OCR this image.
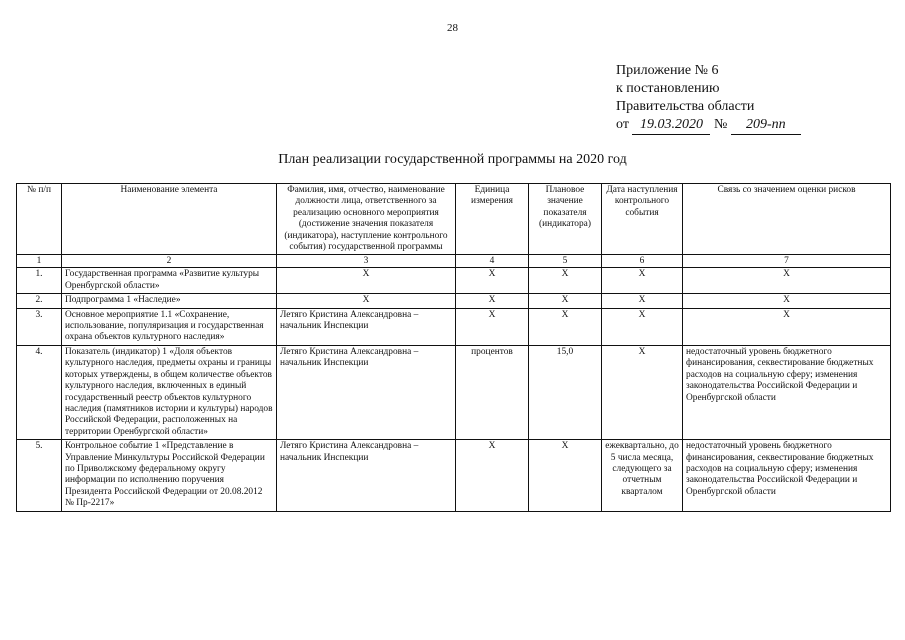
28
Приложение № 6
к постановлению
Правительства области
от 19.03.2020 № 209-пп
План реализации государственной программы на 2020 год
№ п/п	Наименование элемента	Фамилия, имя, отчество, наименование должности лица, ответственного за реализацию основного мероприятия (достижение значения показателя (индикатора), наступление контрольного события) государственной программы	Единица измерения	Плановое значение показателя (индикатора)	Дата наступления контрольного события	Связь со значением оценки рисков
1	2	3	4	5	6	7
1.	Государственная программа «Развитие культуры Оренбургской области»	X	X	X	X	X
2.	Подпрограмма 1 «Наследие»	X	X	X	X	X
3.	Основное мероприятие 1.1 «Сохранение, использование, популяризация и государственная охрана объектов культурного наследия»	Летяго Кристина Александровна – начальник Инспекции	X	X	X	X
4.	Показатель (индикатор) 1 «Доля объектов культурного наследия, предметы охраны и границы которых утверждены, в общем количестве объектов культурного наследия, включенных в единый государственный реестр объектов культурного наследия (памятников истории и культуры) народов Российской Федерации, расположенных на территории Оренбургской области»	Летяго Кристина Александровна – начальник Инспекции	процентов	15,0	X	недостаточный уровень бюджетного финансирования, секвестирование бюджетных расходов на социальную сферу; изменения законодательства Российской Федерации и Оренбургской области
5.	Контрольное событие 1 «Представление в Управление Минкультуры Российской Федерации по Приволжскому федеральному округу информации по исполнению поручения Президента Российской Федерации от 20.08.2012 № Пр-2217»	Летяго Кристина Александровна – начальник Инспекции	X	X	ежеквартально, до 5 числа месяца, следующего за отчетным кварталом	недостаточный уровень бюджетного финансирования, секвестирование бюджетных расходов на социальную сферу; изменения законодательства Российской Федерации и Оренбургской области
